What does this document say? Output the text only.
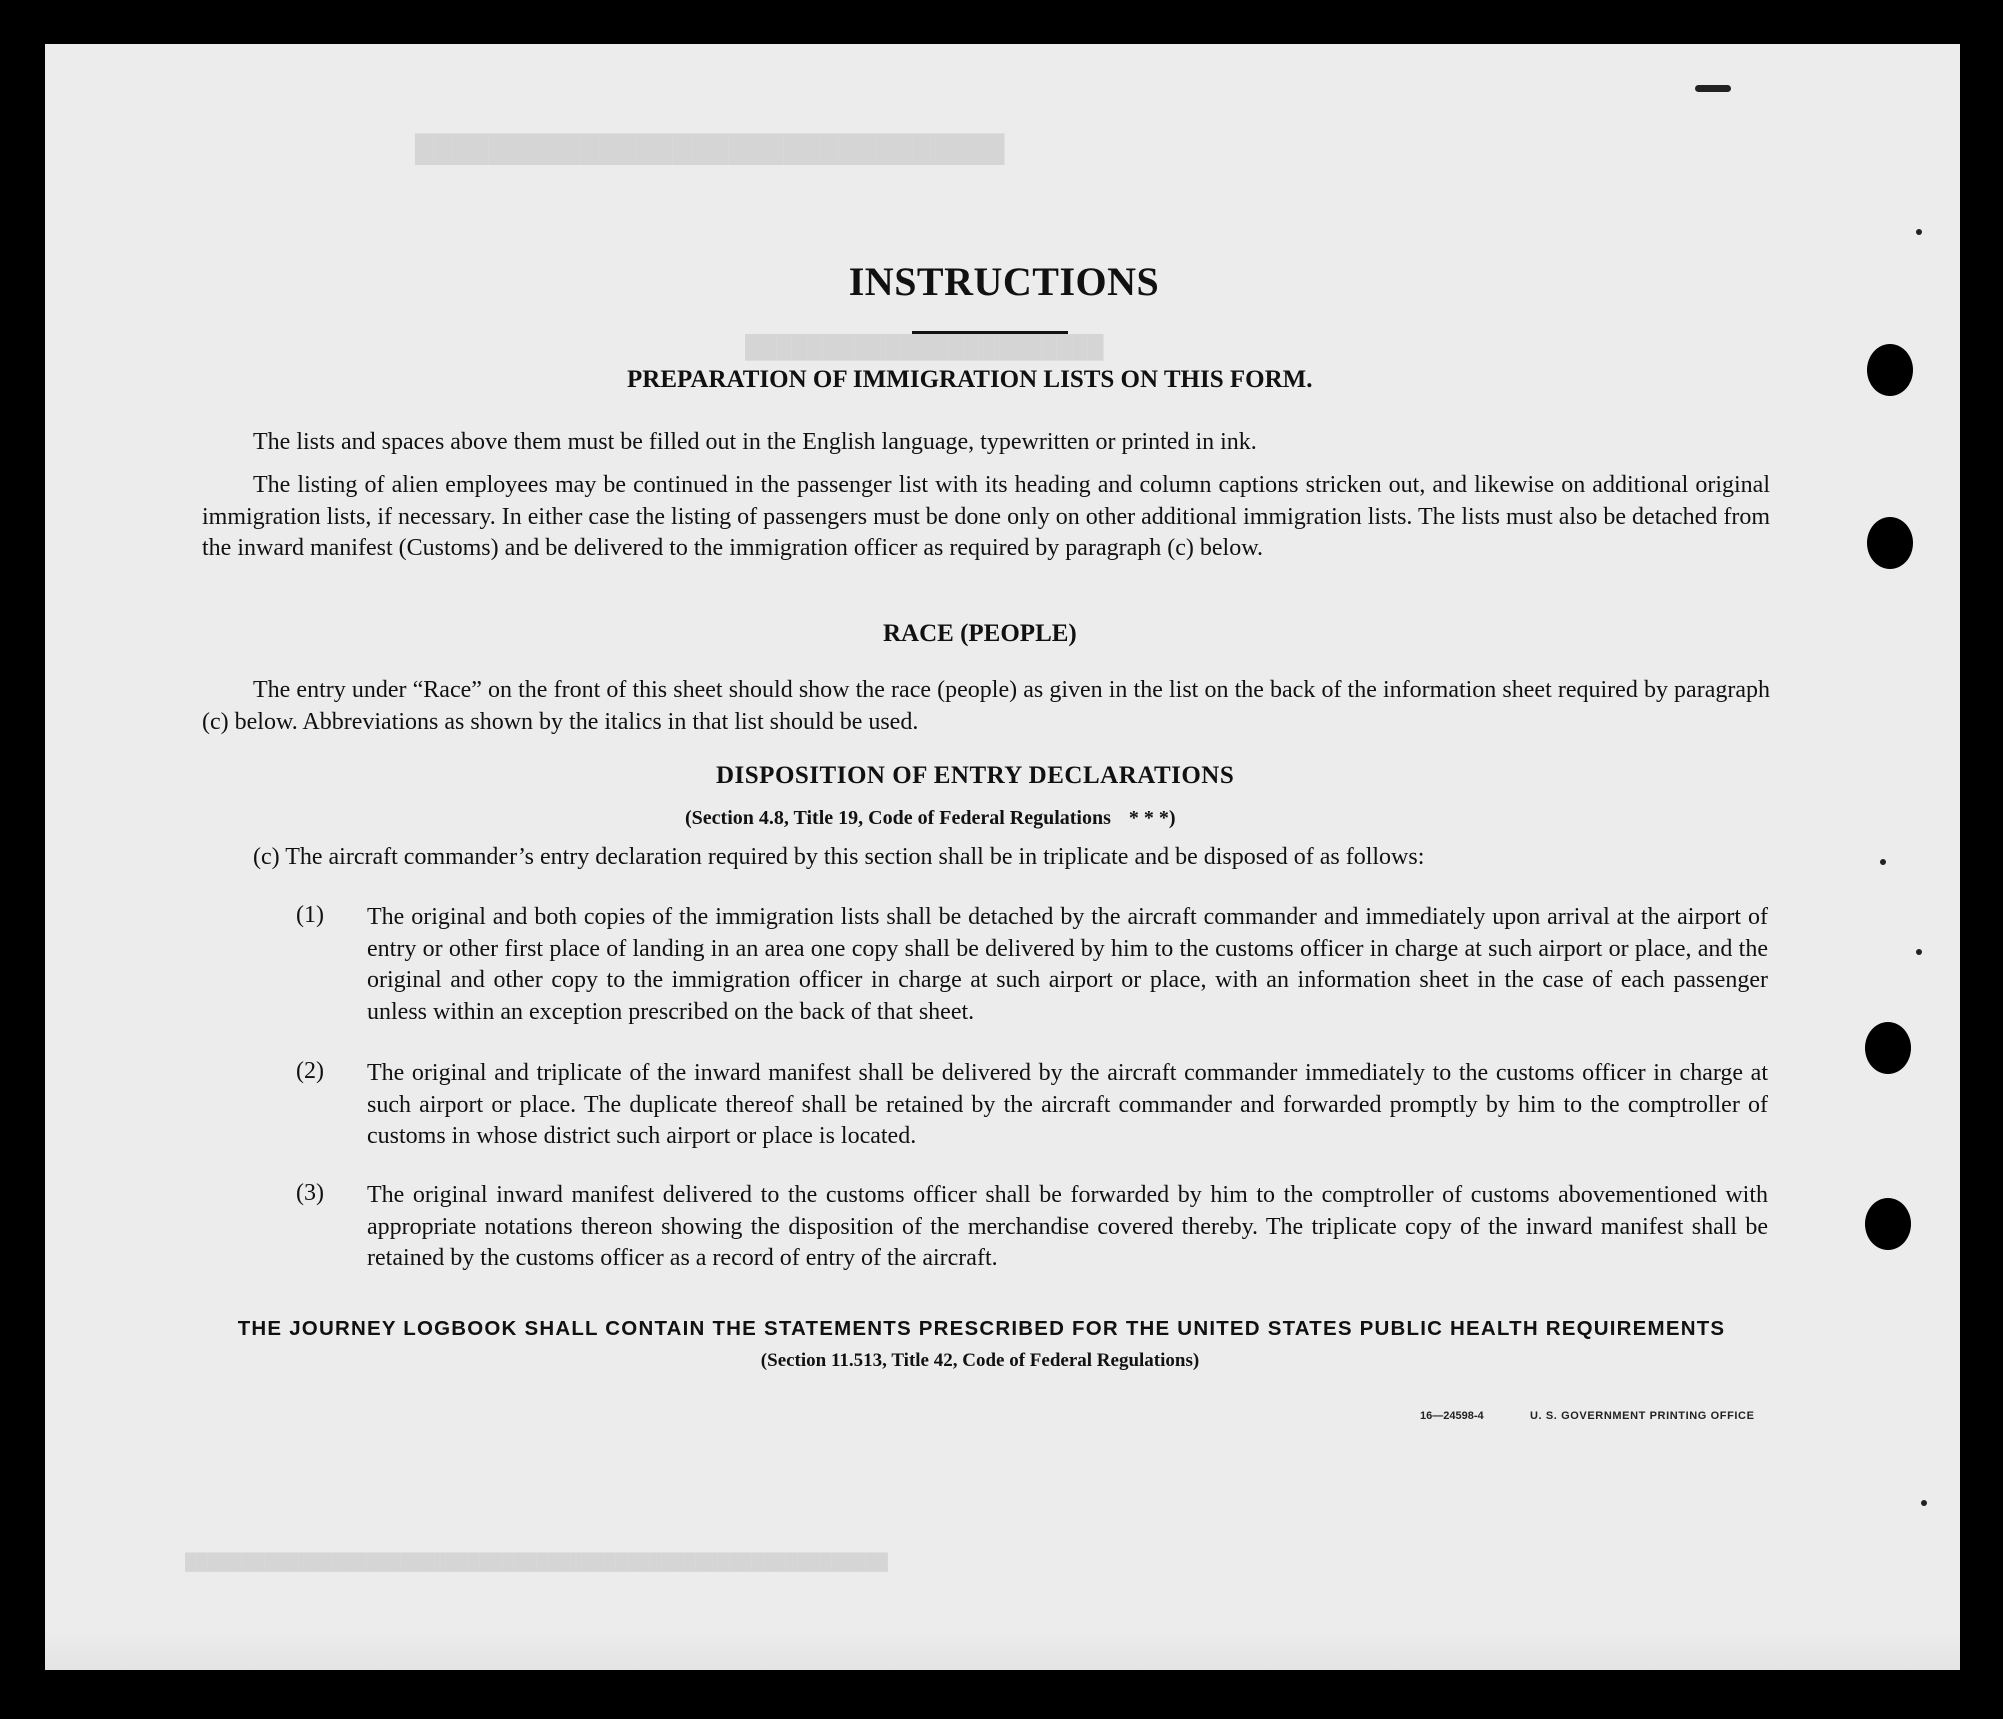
████████████████████████████████
███████████████████████
██████████████████████████████████████████████████████████████
INSTRUCTIONS
PREPARATION OF IMMIGRATION LISTS ON THIS FORM.
The lists and spaces above them must be filled out in the English language, typewritten or printed in ink.
The listing of alien employees may be continued in the passenger list with its heading and column captions stricken out, and likewise on additional original immigration lists, if necessary. In either case the listing of passengers must be done only on other additional immigration lists. The lists must also be detached from the inward manifest (Customs) and be delivered to the immigration officer as required by paragraph (c) below.
RACE (PEOPLE)
The entry under “Race” on the front of this sheet should show the race (people) as given in the list on the back of the information sheet required by paragraph (c) below. Abbreviations as shown by the italics in that list should be used.
DISPOSITION OF ENTRY DECLARATIONS
(Section 4.8, Title 19, Code of Federal Regulations * * *)
(c) The aircraft commander’s entry declaration required by this section shall be in triplicate and be disposed of as follows:
(1)	The original and both copies of the immigration lists shall be detached by the aircraft commander and immediately upon arrival at the airport of entry or other first place of landing in an area one copy shall be delivered by him to the customs officer in charge at such airport or place, and the original and other copy to the immigration officer in charge at such airport or place, with an information sheet in the case of each passenger unless within an exception prescribed on the back of that sheet.
(2)	The original and triplicate of the inward manifest shall be delivered by the aircraft commander immediately to the customs officer in charge at such airport or place. The duplicate thereof shall be retained by the aircraft commander and forwarded promptly by him to the comptroller of customs in whose district such airport or place is located.
(3)	The original inward manifest delivered to the customs officer shall be forwarded by him to the comptroller of customs abovementioned with appropriate notations thereon showing the disposition of the merchandise covered thereby. The triplicate copy of the inward manifest shall be retained by the customs officer as a record of entry of the aircraft.
THE JOURNEY LOGBOOK SHALL CONTAIN THE STATEMENTS PRESCRIBED FOR THE UNITED STATES PUBLIC HEALTH REQUIREMENTS
(Section 11.513, Title 42, Code of Federal Regulations)
16—24598-4	U. S. GOVERNMENT PRINTING OFFICE
